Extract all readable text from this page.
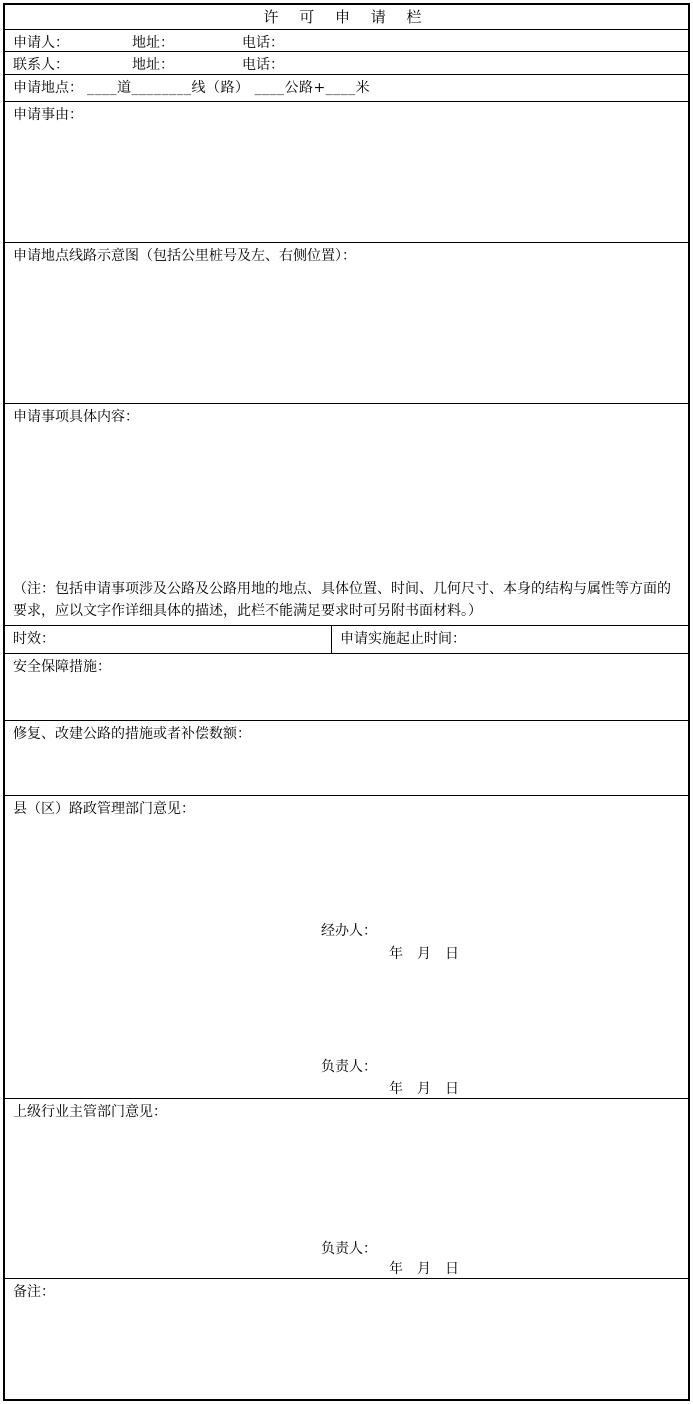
许 可 申 请 栏
申请人：	地址：	电话：
联系人：	地址：	电话：
申请地点： ____道________线（路） ____公路+____米
申请事由：
申请地点线路示意图（包括公里桩号及左、右侧位置）：
申请事项具体内容：
（注：包括申请事项涉及公路及公路用地的地点、具体位置、时间、几何尺寸、本身的结构与属性等方面的要求，应以文字作详细具体的描述，此栏不能满足要求时可另附书面材料。）
时效：	申请实施起止时间：
安全保障措施：
修复、改建公路的措施或者补偿数额：
县（区）路政管理部门意见：
经办人：
年　月　日
负责人：
年　月　日
上级行业主管部门意见：
负责人：
年　月　日
备注：
